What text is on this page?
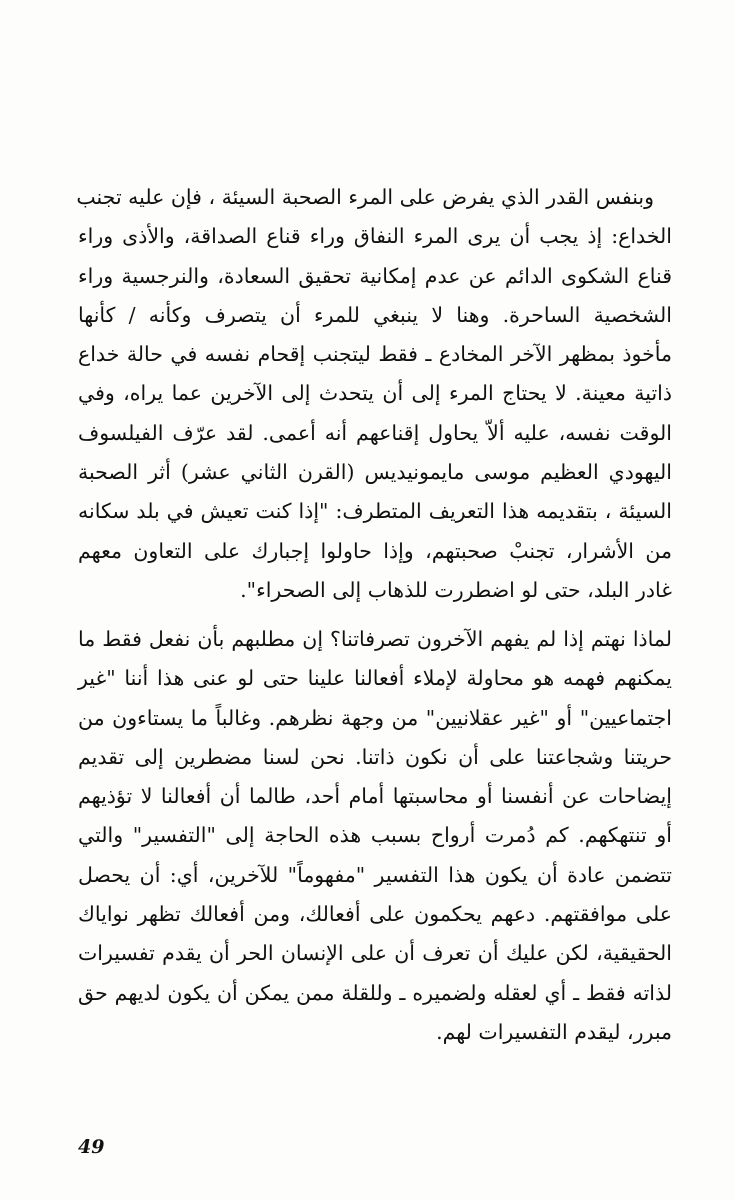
وبنفس القدر الذي يفرض على المرء الصحبة السيئة ، فإن عليه تجنب
الخداع: إذ يجب أن يرى المرء النفاق وراء قناع الصداقة، والأذى وراء
قناع الشكوى الدائم عن عدم إمكانية تحقيق السعادة، والنرجسية وراء
الشخصية الساحرة. وهنا لا ينبغي للمرء أن يتصرف وكأنه / كأنها
مأخوذ بمظهر الآخر المخادع ـ فقط ليتجنب إقحام نفسه في حالة خداع
ذاتية معينة. لا يحتاج المرء إلى أن يتحدث إلى الآخرين عما يراه، وفي
الوقت نفسه، عليه ألاّ يحاول إقناعهم أنه أعمى. لقد عرّف الفيلسوف
اليهودي العظيم موسى مايمونيديس (القرن الثاني عشر) أثر الصحبة
السيئة ، بتقديمه هذا التعريف المتطرف: "إذا كنت تعيش في بلد سكانه
من الأشرار، تجنبْ صحبتهم، وإذا حاولوا إجبارك على التعاون معهم
غادر البلد، حتى لو اضطررت للذهاب إلى الصحراء".
لماذا نهتم إذا لم يفهم الآخرون تصرفاتنا؟ إن مطلبهم بأن نفعل فقط ما
يمكنهم فهمه هو محاولة لإملاء أفعالنا علينا حتى لو عنى هذا أننا "غير
اجتماعيين" أو "غير عقلانيين" من وجهة نظرهم. وغالباً ما يستاءون من
حريتنا وشجاعتنا على أن نكون ذاتنا. نحن لسنا مضطرين إلى تقديم
إيضاحات عن أنفسنا أو محاسبتها أمام أحد، طالما أن أفعالنا لا تؤذيهم
أو تنتهكهم. كم دُمرت أرواح بسبب هذه الحاجة إلى "التفسير" والتي
تتضمن عادة أن يكون هذا التفسير "مفهوماً" للآخرين، أي: أن يحصل
على موافقتهم. دعهم يحكمون على أفعالك، ومن أفعالك تظهر نواياك
الحقيقية، لكن عليك أن تعرف أن على الإنسان الحر أن يقدم تفسيرات
لذاته فقط ـ أي لعقله ولضميره ـ وللقلة ممن يمكن أن يكون لديهم حق
مبرر، ليقدم التفسيرات لهم.
49
